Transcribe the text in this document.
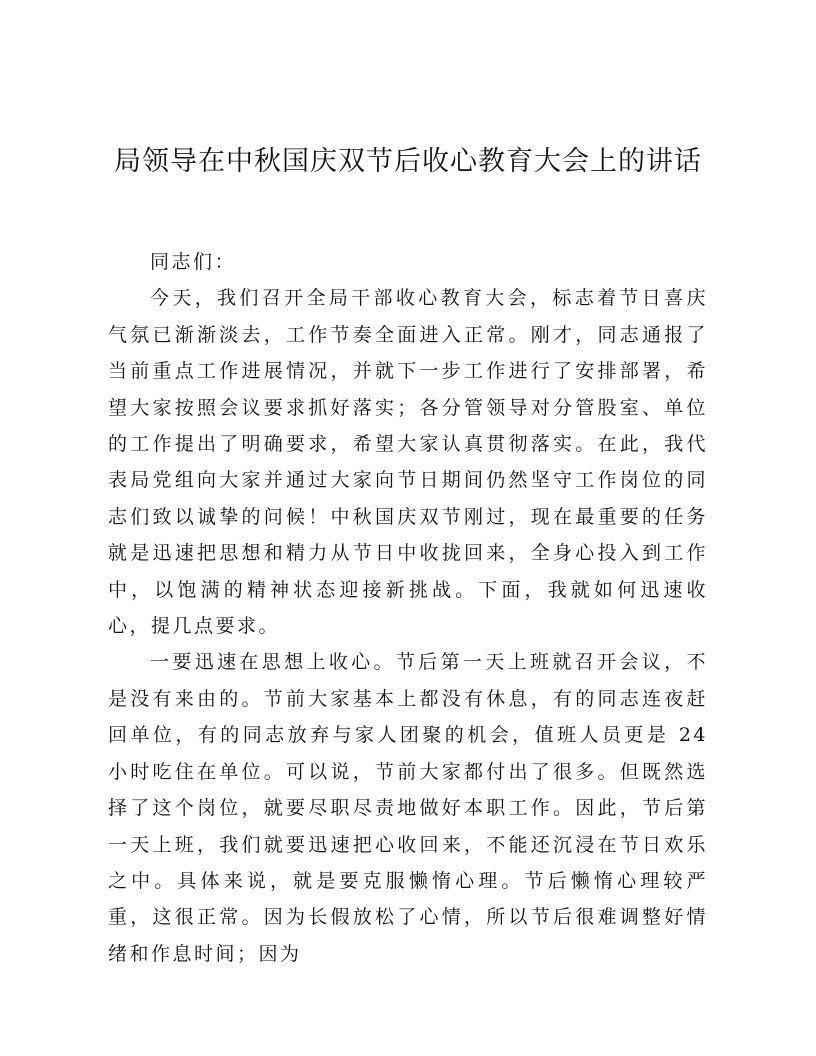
局领导在中秋国庆双节后收心教育大会上的讲话

同志们：

今天，我们召开全局干部收心教育大会，标志着节日喜庆气氛已渐渐淡去，工作节奏全面进入正常。刚才，同志通报了当前重点工作进展情况，并就下一步工作进行了安排部署，希望大家按照会议要求抓好落实；各分管领导对分管股室、单位的工作提出了明确要求，希望大家认真贯彻落实。在此，我代表局党组向大家并通过大家向节日期间仍然坚守工作岗位的同志们致以诚挚的问候！中秋国庆双节刚过，现在最重要的任务就是迅速把思想和精力从节日中收拢回来，全身心投入到工作中，以饱满的精神状态迎接新挑战。下面，我就如何迅速收心，提几点要求。

一要迅速在思想上收心。节后第一天上班就召开会议，不是没有来由的。节前大家基本上都没有休息，有的同志连夜赶回单位，有的同志放弃与家人团聚的机会，值班人员更是 24 小时吃住在单位。可以说，节前大家都付出了很多。但既然选择了这个岗位，就要尽职尽责地做好本职工作。因此，节后第一天上班，我们就要迅速把心收回来，不能还沉浸在节日欢乐之中。具体来说，就是要克服懒惰心理。节后懒惰心理较严重，这很正常。因为长假放松了心情，所以节后很难调整好情绪和作息时间；因为
